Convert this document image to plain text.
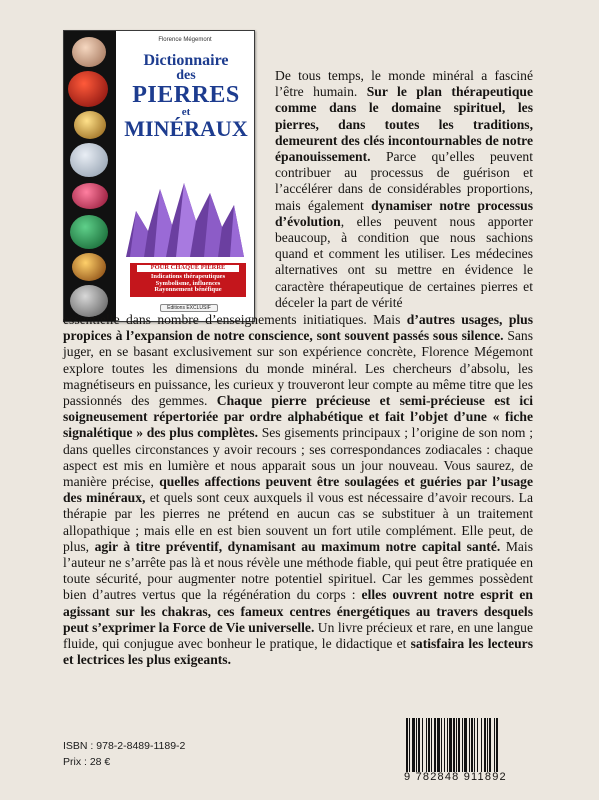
Florence Mégemont
Dictionnaire
des
PIERRES
et
MINÉRAUX
POUR CHAQUE PIERRE
Indications thérapeutiques
Symbolisme, influences
Rayonnement bénéfique
Editions EXCLUSIF
De tous temps, le monde minéral a fasciné l’être humain. Sur le plan thérapeutique comme dans le domaine spirituel, les pierres, dans toutes les traditions, demeurent des clés incontournables de notre épanouissement. Parce qu’elles peuvent contribuer au processus de guérison et l’accélérer dans de considérables proportions, mais également dynamiser notre processus d’évolution, elles peuvent nous apporter beaucoup, à condition que nous sachions quand et comment les utiliser. Les médecines alternatives ont su mettre en évidence le caractère thérapeutique de certaines pierres et déceler la part de vérité
essentielle dans nombre d’enseignements initiatiques. Mais d’autres usages, plus propices à l’expansion de notre conscience, sont souvent passés sous silence. Sans juger, en se basant exclusivement sur son expérience concrète, Florence Mégemont explore toutes les dimensions du monde minéral. Les chercheurs d’absolu, les magnétiseurs en puissance, les curieux y trouveront leur compte au même titre que les passionnés des gemmes. Chaque pierre précieuse et semi-précieuse est ici soigneusement répertoriée par ordre alphabétique et fait l’objet d’une « fiche signalétique » des plus complètes. Ses gisements principaux ; l’origine de son nom ; dans quelles circonstances y avoir recours ; ses correspondances zodiacales : chaque aspect est mis en lumière et nous apparait sous un jour nouveau. Vous saurez, de manière précise, quelles affections peuvent être soulagées et guéries par l’usage des minéraux, et quels sont ceux auxquels il vous est nécessaire d’avoir recours. La thérapie par les pierres ne prétend en aucun cas se substituer à un traitement allopathique ; mais elle en est bien souvent un fort utile complément. Elle peut, de plus, agir à titre préventif, dynamisant au maximum notre capital santé. Mais l’auteur ne s’arrête pas là et nous révèle une méthode fiable, qui peut être pratiquée en toute sécurité, pour augmenter notre potentiel spirituel. Car les gemmes possèdent bien d’autres vertus que la régénération du corps : elles ouvrent notre esprit en agissant sur les chakras, ces fameux centres énergétiques au travers desquels peut s’exprimer la Force de Vie universelle. Un livre précieux et rare, en une langue fluide, qui conjugue avec bonheur le pratique, le didactique et satisfaira les lecteurs et lectrices les plus exigeants.
ISBN : 978-2-8489-1189-2
Prix : 28 €
9 782848 911892
